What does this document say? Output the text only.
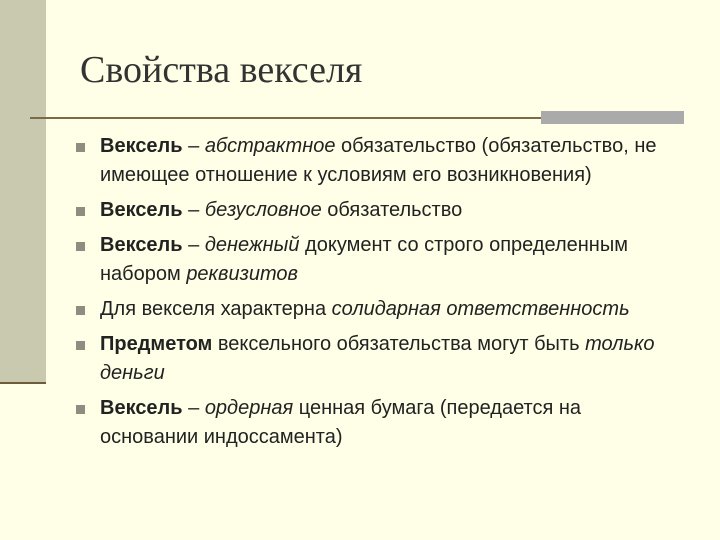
Свойства векселя
Вексель – абстрактное обязательство (обязательство, не имеющее отношение к условиям его возникновения)
Вексель – безусловное обязательство
Вексель – денежный документ со строго определенным набором реквизитов
Для векселя характерна солидарная ответственность
Предметом вексельного обязательства могут быть только деньги
Вексель – ордерная ценная бумага (передается на основании индоссамента)
